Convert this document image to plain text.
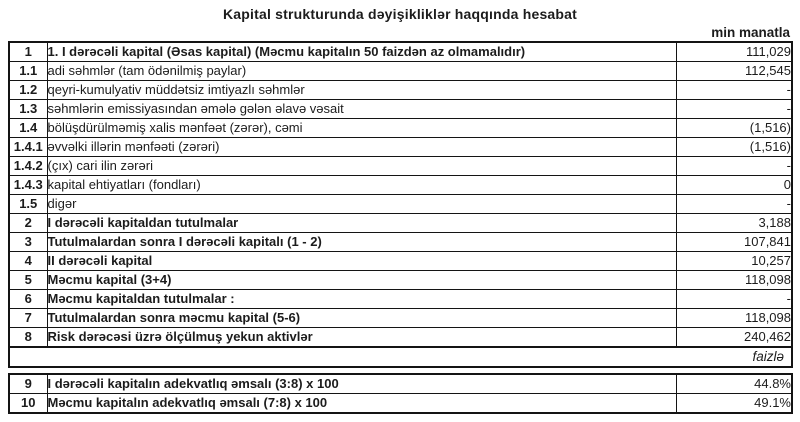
Kapital strukturunda dəyişikliklər haqqında hesabat
min manatla
1	1. I dərəcəli kapital (Əsas kapital) (Məcmu kapitalın 50 faizdən az olmamalıdır)	111,029
1.1	adi səhmlər (tam ödənilmiş paylar)	112,545
1.2	qeyri-kumulyativ müddətsiz imtiyazlı səhmlər	-
1.3	səhmlərin emissiyasından əmələ gələn əlavə vəsait	-
1.4	bölüşdürülməmiş xalis mənfəət (zərər), cəmi	(1,516)
1.4.1	əvvəlki illərin mənfəəti (zərəri)	(1,516)
1.4.2	(çıx) cari ilin zərəri	-
1.4.3	kapital ehtiyatları (fondları)	0
1.5	digər	-
2	I dərəcəli kapitaldan tutulmalar	3,188
3	Tutulmalardan sonra I dərəcəli kapitalı (1 - 2)	107,841
4	II dərəcəli kapital	10,257
5	Məcmu kapital (3+4)	118,098
6	Məcmu kapitaldan tutulmalar :	-
7	Tutulmalardan sonra məcmu kapital (5-6)	118,098
8	Risk dərəcəsi üzrə ölçülmuş yekun aktivlər	240,462
faizlə
9	I dərəcəli kapitalın adekvatlıq əmsalı (3:8) x 100	44.8%
10	Məcmu kapitalın adekvatlıq əmsalı (7:8) x 100	49.1%
